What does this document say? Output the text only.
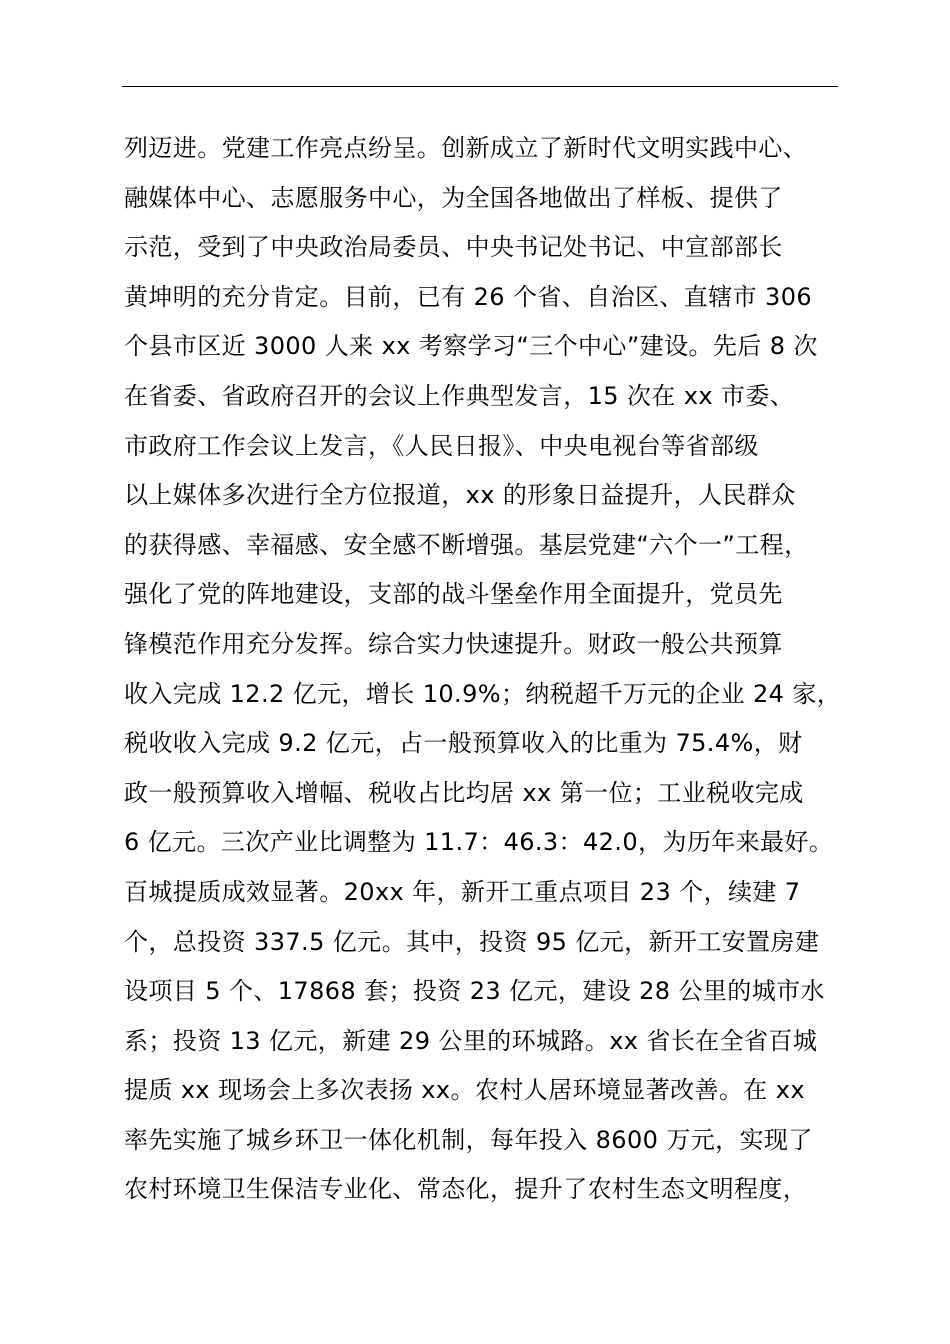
列迈进。党建工作亮点纷呈。创新成立了新时代文明实践中心、
融媒体中心、志愿服务中心，为全国各地做出了样板、提供了
示范，受到了中央政治局委员、中央书记处书记、中宣部部长
黄坤明的充分肯定。目前，已有 26 个省、自治区、直辖市 306
个县市区近 3000 人来 xx 考察学习“三个中心”建设。先后 8 次
在省委、省政府召开的会议上作典型发言，15 次在 xx 市委、
市政府工作会议上发言，《人民日报》、中央电视台等省部级
以上媒体多次进行全方位报道，xx 的形象日益提升，人民群众
的获得感、幸福感、安全感不断增强。基层党建“六个一”工程，
强化了党的阵地建设，支部的战斗堡垒作用全面提升，党员先
锋模范作用充分发挥。综合实力快速提升。财政一般公共预算
收入完成 12.2 亿元，增长 10.9%；纳税超千万元的企业 24 家，
税收收入完成 9.2 亿元，占一般预算收入的比重为 75.4%，财
政一般预算收入增幅、税收占比均居 xx 第一位；工业税收完成
6 亿元。三次产业比调整为 11.7：46.3：42.0，为历年来最好。
百城提质成效显著。20xx 年，新开工重点项目 23 个，续建 7
个，总投资 337.5 亿元。其中，投资 95 亿元，新开工安置房建
设项目 5 个、17868 套；投资 23 亿元，建设 28 公里的城市水
系；投资 13 亿元，新建 29 公里的环城路。xx 省长在全省百城
提质 xx 现场会上多次表扬 xx。农村人居环境显著改善。在 xx
率先实施了城乡环卫一体化机制，每年投入 8600 万元，实现了
农村环境卫生保洁专业化、常态化，提升了农村生态文明程度，
